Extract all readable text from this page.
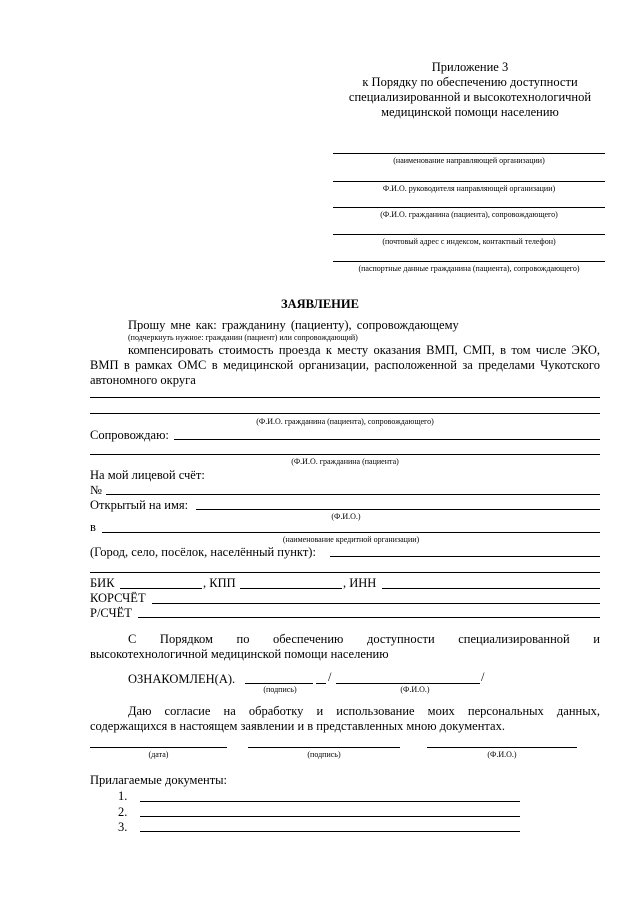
Приложение 3
к Порядку по обеспечению доступности
специализированной и высокотехнологичной
медицинской помощи населению
(наименование направляющей организации)
Ф.И.О. руководителя направляющей организации)
(Ф.И.О. гражданина (пациента), сопровождающего)
(почтовый адрес с индексом, контактный телефон)
(паспортные данные гражданина (пациента), сопровождающего)
ЗАЯВЛЕНИЕ
Прошу мне как: гражданину (пациенту), сопровождающему
(подчеркнуть нужное: гражданин (пациент) или сопровождающий)
компенсировать стоимость проезда к месту оказания ВМП, СМП, в том числе ЭКО,
ВМП в рамках ОМС в медицинской организации, расположенной за пределами Чукотского
автономного округа
(Ф.И.О. гражданина (пациента), сопровождающего)
Сопровождаю:
(Ф.И.О. гражданина (пациента)
На мой лицевой счёт:
№
Открытый на имя:
(Ф.И.О.)
в
(наименование кредитной организации)
(Город, село, посёлок, населённый пункт):
БИК	, КПП	, ИНН
КОРСЧЁТ
Р/СЧЁТ
С Порядком по обеспечению доступности специализированной и
высокотехнологичной медицинской помощи населению
ОЗНАКОМЛЕН(А).	/	/
(подпись)	(Ф.И.О.)
Даю согласие на обработку и использование моих персональных данных,
содержащихся в настоящем заявлении и в представленных мною документах.
(дата)	(подпись)	(Ф.И.О.)
Прилагаемые документы:
1.
2.
3.
